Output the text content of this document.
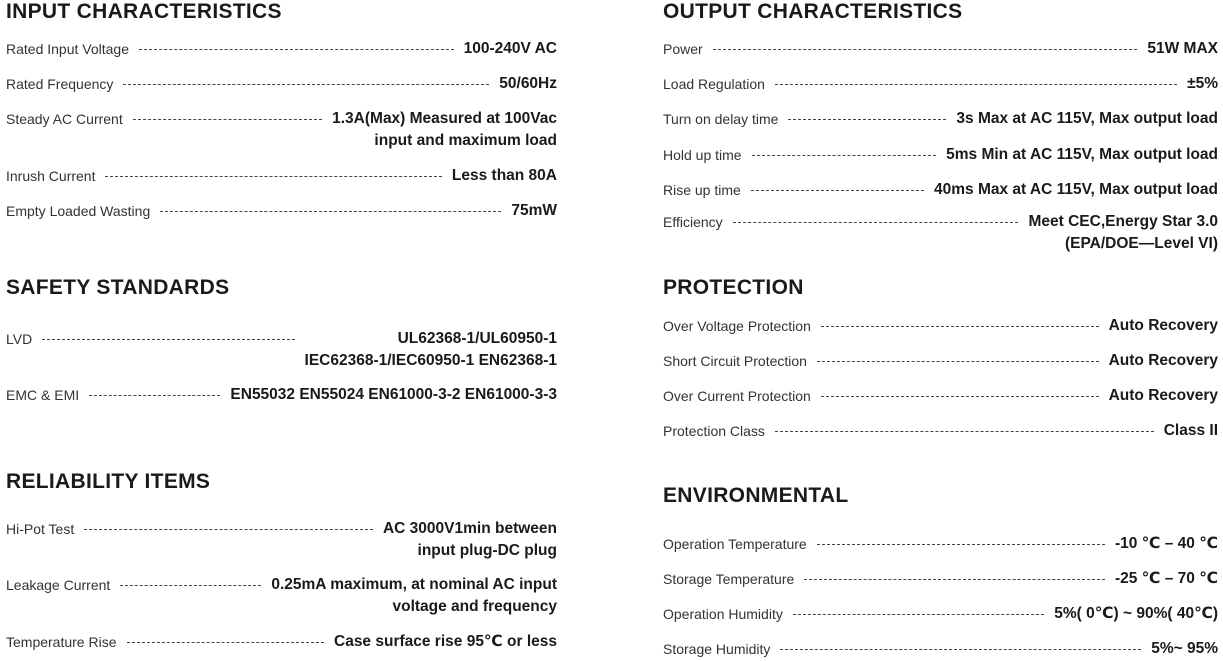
INPUT CHARACTERISTICS
Rated Input Voltage	100-240V AC
Rated Frequency	50/60Hz
Steady AC Current	1.3A(Max) Measured at 100Vac
input and maximum load
Inrush Current	Less than 80A
Empty Loaded Wasting	75mW
SAFETY STANDARDS
LVD	UL62368-1/UL60950-1
IEC62368-1/IEC60950-1 EN62368-1
EMC & EMI	EN55032 EN55024 EN61000-3-2 EN61000-3-3
RELIABILITY ITEMS
Hi-Pot Test	AC 3000V1min between
input plug-DC plug
Leakage Current	0.25mA maximum, at nominal AC input
voltage and frequency
Temperature Rise	Case surface rise 95℃ or less
OUTPUT CHARACTERISTICS
Power	51W MAX
Load Regulation	±5%
Turn on delay time	3s Max at AC 115V, Max output load
Hold up time	5ms Min at AC 115V, Max output load
Rise up time	40ms Max at AC 115V, Max output load
Efficiency	Meet CEC,Energy Star 3.0
(EPA/DOE—Level VI)
PROTECTION
Over Voltage Protection	Auto Recovery
Short Circuit Protection	Auto Recovery
Over Current Protection	Auto Recovery
Protection Class	Class II
ENVIRONMENTAL
Operation Temperature	-10 ℃ – 40 ℃
Storage Temperature	-25 ℃ – 70 ℃
Operation Humidity	5%( 0℃) ~ 90%( 40℃)
Storage Humidity	5%~ 95%
